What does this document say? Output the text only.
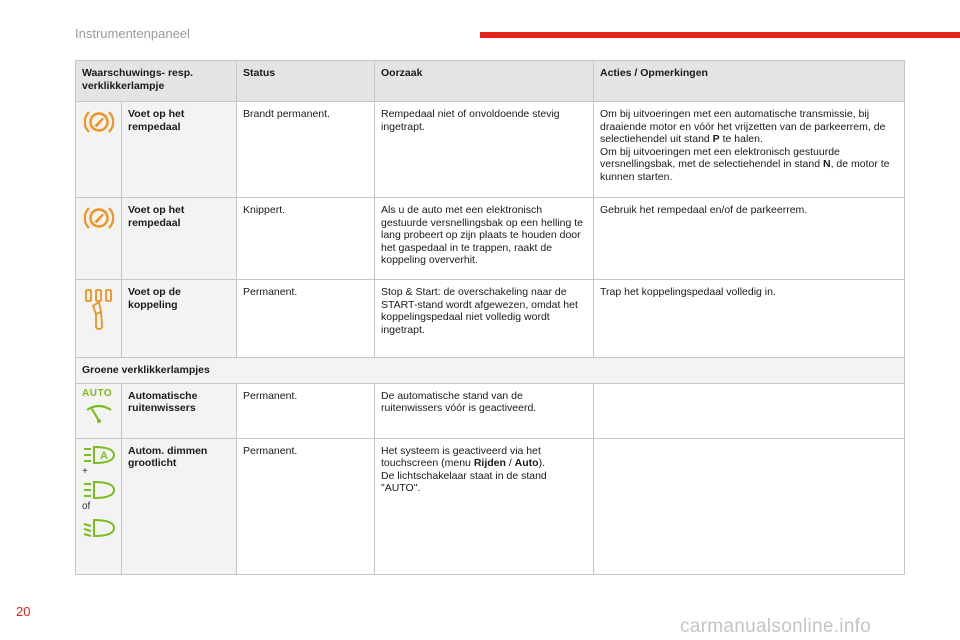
Instrumentenpaneel
Waarschuwings- resp. verklikkerlampje		Status	Oorzaak	Acties / Opmerkingen

	Voet op het rempedaal	Brandt permanent.	Rempedaal niet of onvoldoende stevig ingetrapt.	Om bij uitvoeringen met een automatische transmissie, bij draaiende motor en vóór het vrijzetten van de parkeerrem, de selectiehendel uit stand P te halen.
Om bij uitvoeringen met een elektronisch gestuurde versnellingsbak, met de selectiehendel in stand N, de motor te kunnen starten.

	Voet op het rempedaal	Knippert.	Als u de auto met een elektronisch gestuurde versnellingsbak op een helling te lang probeert op zijn plaats te houden door het gaspedaal in te trappen, raakt de koppeling oververhit.	Gebruik het rempedaal en/of de parkeerrem.

	Voet op de koppeling	Permanent.	Stop & Start: de overschakeling naar de START-stand wordt afgewezen, omdat het koppelingspedaal niet volledig wordt ingetrapt.	Trap het koppelingspedaal volledig in.
Groene verklikkerlampjes				

AUTO	Automatische ruitenwissers	Permanent.	De automatische stand van de ruitenwissers vóór is geactiveerd.	

A
+
of	Autom. dimmen grootlicht	Permanent.	Het systeem is geactiveerd via het touchscreen (menu Rijden / Auto).
De lichtschakelaar staat in de stand "AUTO".	
20
carmanualsonline.info
